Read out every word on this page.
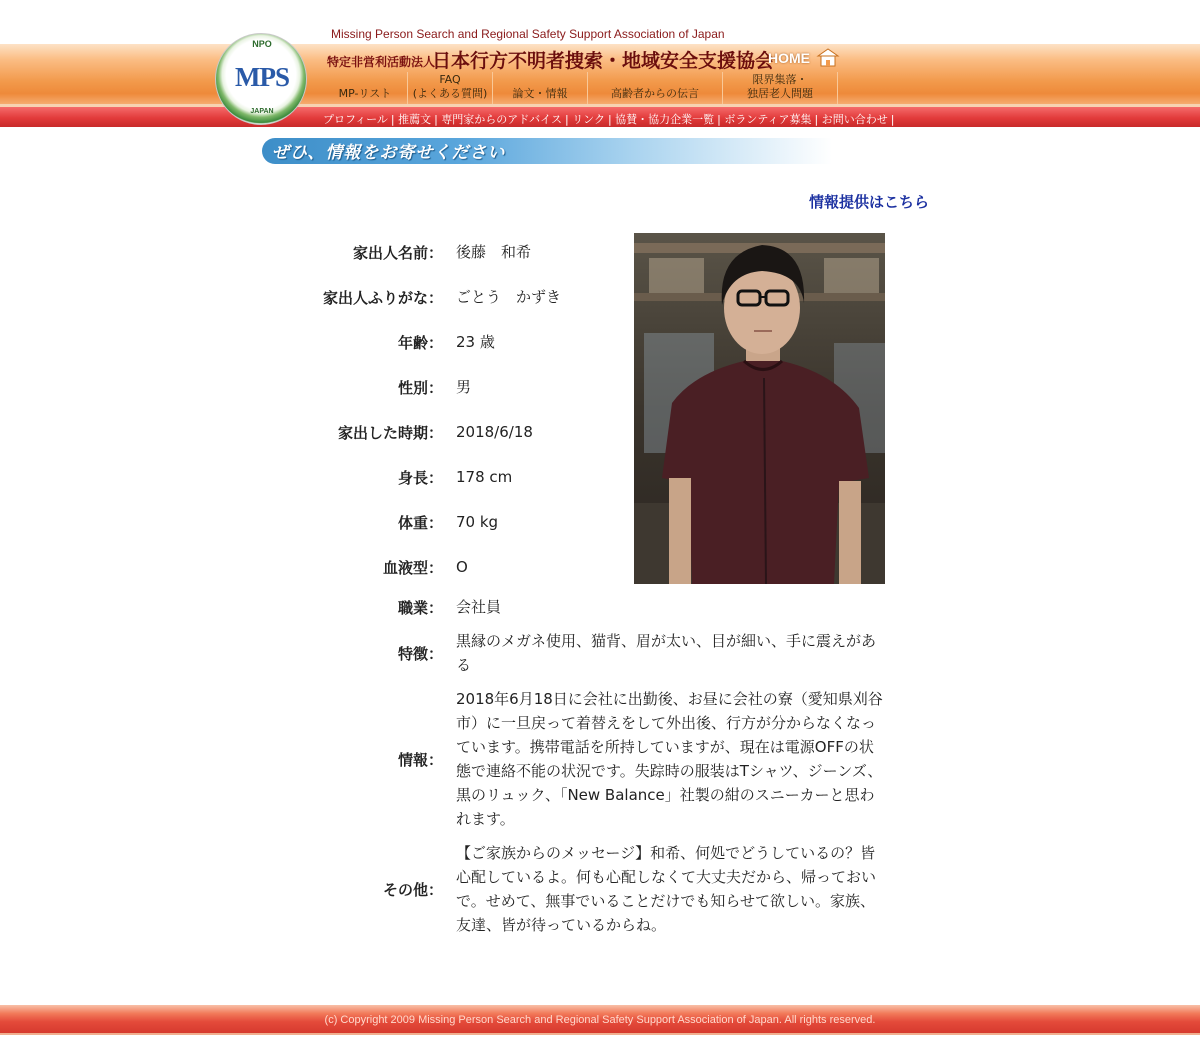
Missing Person Search and Regional Safety Support Association of Japan
NPO
MPS
JAPAN
特定非営利活動法人
日本行方不明者捜索・地域安全支援協会
HOME
MP-リスト
FAQ
(よくある質問)	論文・情報	高齢者からの伝言
限界集落・
独居老人問題
プロフィール | 推薦文 | 専門家からのアドバイス | リンク | 協賛・協力企業一覧 | ボランティア募集 | お問い合わせ |
ぜひ、情報をお寄せください
情報提供はこちら
家出人名前： 後藤　和希
家出人ふりがな： ごとう　かずき
年齢： 23 歳
性別： 男
家出した時期： 2018/6/18
身長： 178 cm
体重： 70 kg
血液型： O
職業： 会社員
特徴：
黒縁のメガネ使用、猫背、眉が太い、目が細い、手に震えがある
情報：
2018年6月18日に会社に出勤後、お昼に会社の寮（愛知県刈谷市）に一旦戻って着替えをして外出後、行方が分からなくなっています。携帯電話を所持していますが、現在は電源OFFの状態で連絡不能の状況です。失踪時の服装はTシャツ、ジーンズ、黒のリュック、「New Balance」社製の紺のスニーカーと思われます。
その他：
【ご家族からのメッセージ】和希、何処でどうしているの？皆心配しているよ。何も心配しなくて大丈夫だから、帰っておいで。せめて、無事でいることだけでも知らせて欲しい。家族、友達、皆が待っているからね。
(c) Copyright 2009 Missing Person Search and Regional Safety Support Association of Japan. All rights reserved.
